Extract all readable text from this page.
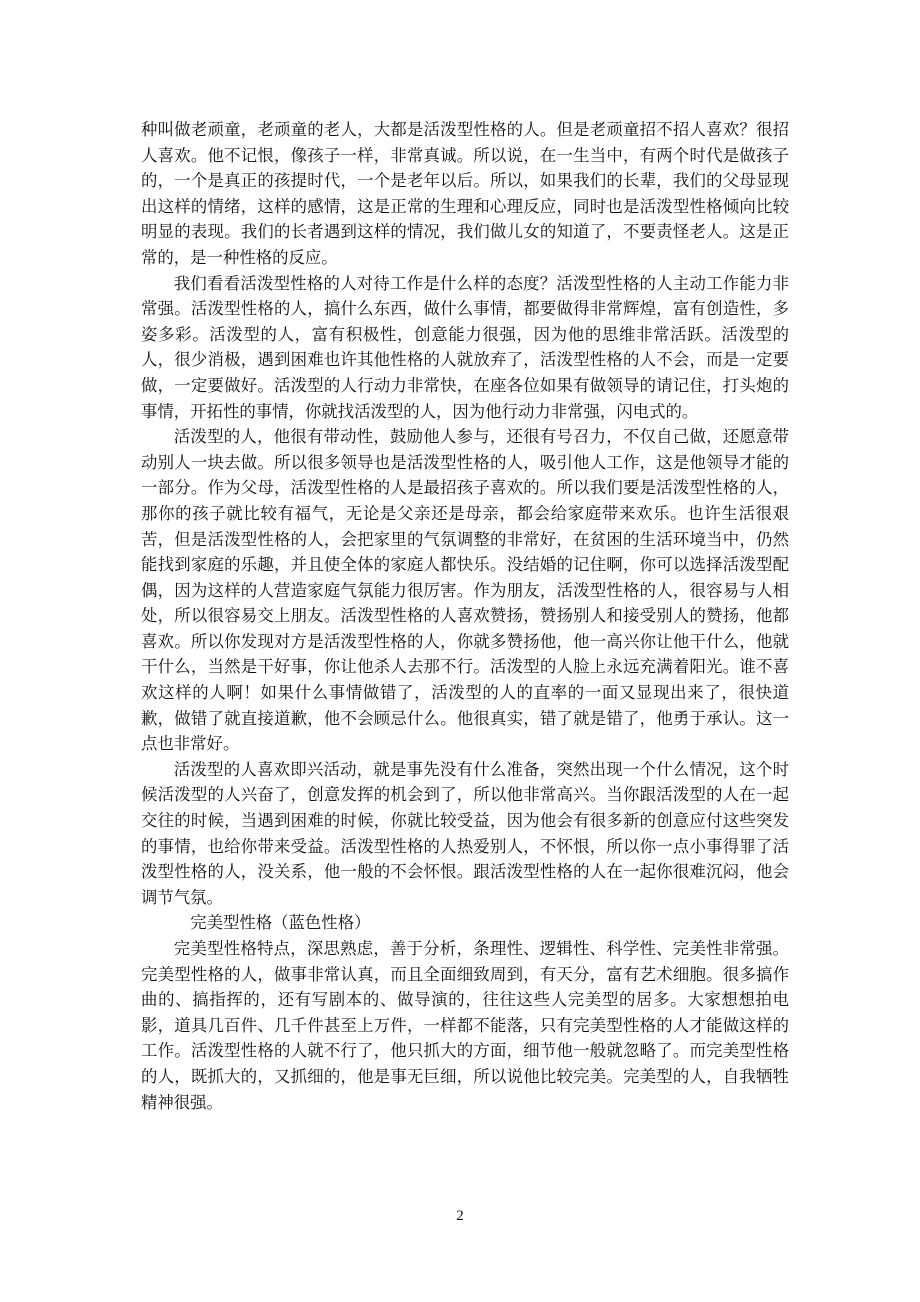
种叫做老顽童，老顽童的老人，大都是活泼型性格的人。但是老顽童招不招人喜欢？很招人喜欢。他不记恨，像孩子一样，非常真诚。所以说，在一生当中，有两个时代是做孩子的，一个是真正的孩提时代，一个是老年以后。所以，如果我们的长辈，我们的父母显现出这样的情绪，这样的感情，这是正常的生理和心理反应，同时也是活泼型性格倾向比较明显的表现。我们的长者遇到这样的情况，我们做儿女的知道了，不要责怪老人。这是正常的，是一种性格的反应。

我们看看活泼型性格的人对待工作是什么样的态度？活泼型性格的人主动工作能力非常强。活泼型性格的人，搞什么东西，做什么事情，都要做得非常辉煌，富有创造性，多姿多彩。活泼型的人，富有积极性，创意能力很强，因为他的思维非常活跃。活泼型的人，很少消极，遇到困难也许其他性格的人就放弃了，活泼型性格的人不会，而是一定要做，一定要做好。活泼型的人行动力非常快，在座各位如果有做领导的请记住，打头炮的事情，开拓性的事情，你就找活泼型的人，因为他行动力非常强，闪电式的。

活泼型的人，他很有带动性，鼓励他人参与，还很有号召力，不仅自己做，还愿意带动别人一块去做。所以很多领导也是活泼型性格的人，吸引他人工作，这是他领导才能的一部分。作为父母，活泼型性格的人是最招孩子喜欢的。所以我们要是活泼型性格的人，那你的孩子就比较有福气，无论是父亲还是母亲，都会给家庭带来欢乐。也许生活很艰苦，但是活泼型性格的人，会把家里的气氛调整的非常好，在贫困的生活环境当中，仍然能找到家庭的乐趣，并且使全体的家庭人都快乐。没结婚的记住啊，你可以选择活泼型配偶，因为这样的人营造家庭气氛能力很厉害。作为朋友，活泼型性格的人，很容易与人相处，所以很容易交上朋友。活泼型性格的人喜欢赞扬，赞扬别人和接受别人的赞扬，他都喜欢。所以你发现对方是活泼型性格的人，你就多赞扬他，他一高兴你让他干什么，他就干什么，当然是干好事，你让他杀人去那不行。活泼型的人脸上永远充满着阳光。谁不喜欢这样的人啊！如果什么事情做错了，活泼型的人的直率的一面又显现出来了，很快道歉，做错了就直接道歉，他不会顾忌什么。他很真实，错了就是错了，他勇于承认。这一点也非常好。

活泼型的人喜欢即兴活动，就是事先没有什么准备，突然出现一个什么情况，这个时候活泼型的人兴奋了，创意发挥的机会到了，所以他非常高兴。当你跟活泼型的人在一起交往的时候，当遇到困难的时候，你就比较受益，因为他会有很多新的创意应付这些突发的事情，也给你带来受益。活泼型性格的人热爱别人，不怀恨，所以你一点小事得罪了活泼型性格的人，没关系，他一般的不会怀恨。跟活泼型性格的人在一起你很难沉闷，他会调节气氛。

完美型性格（蓝色性格）

完美型性格特点，深思熟虑，善于分析，条理性、逻辑性、科学性、完美性非常强。完美型性格的人，做事非常认真，而且全面细致周到，有天分，富有艺术细胞。很多搞作曲的、搞指挥的，还有写剧本的、做导演的，往往这些人完美型的居多。大家想想拍电影，道具几百件、几千件甚至上万件，一样都不能落，只有完美型性格的人才能做这样的工作。活泼型性格的人就不行了，他只抓大的方面，细节他一般就忽略了。而完美型性格的人，既抓大的，又抓细的，他是事无巨细，所以说他比较完美。完美型的人，自我牺牲精神很强。

2
